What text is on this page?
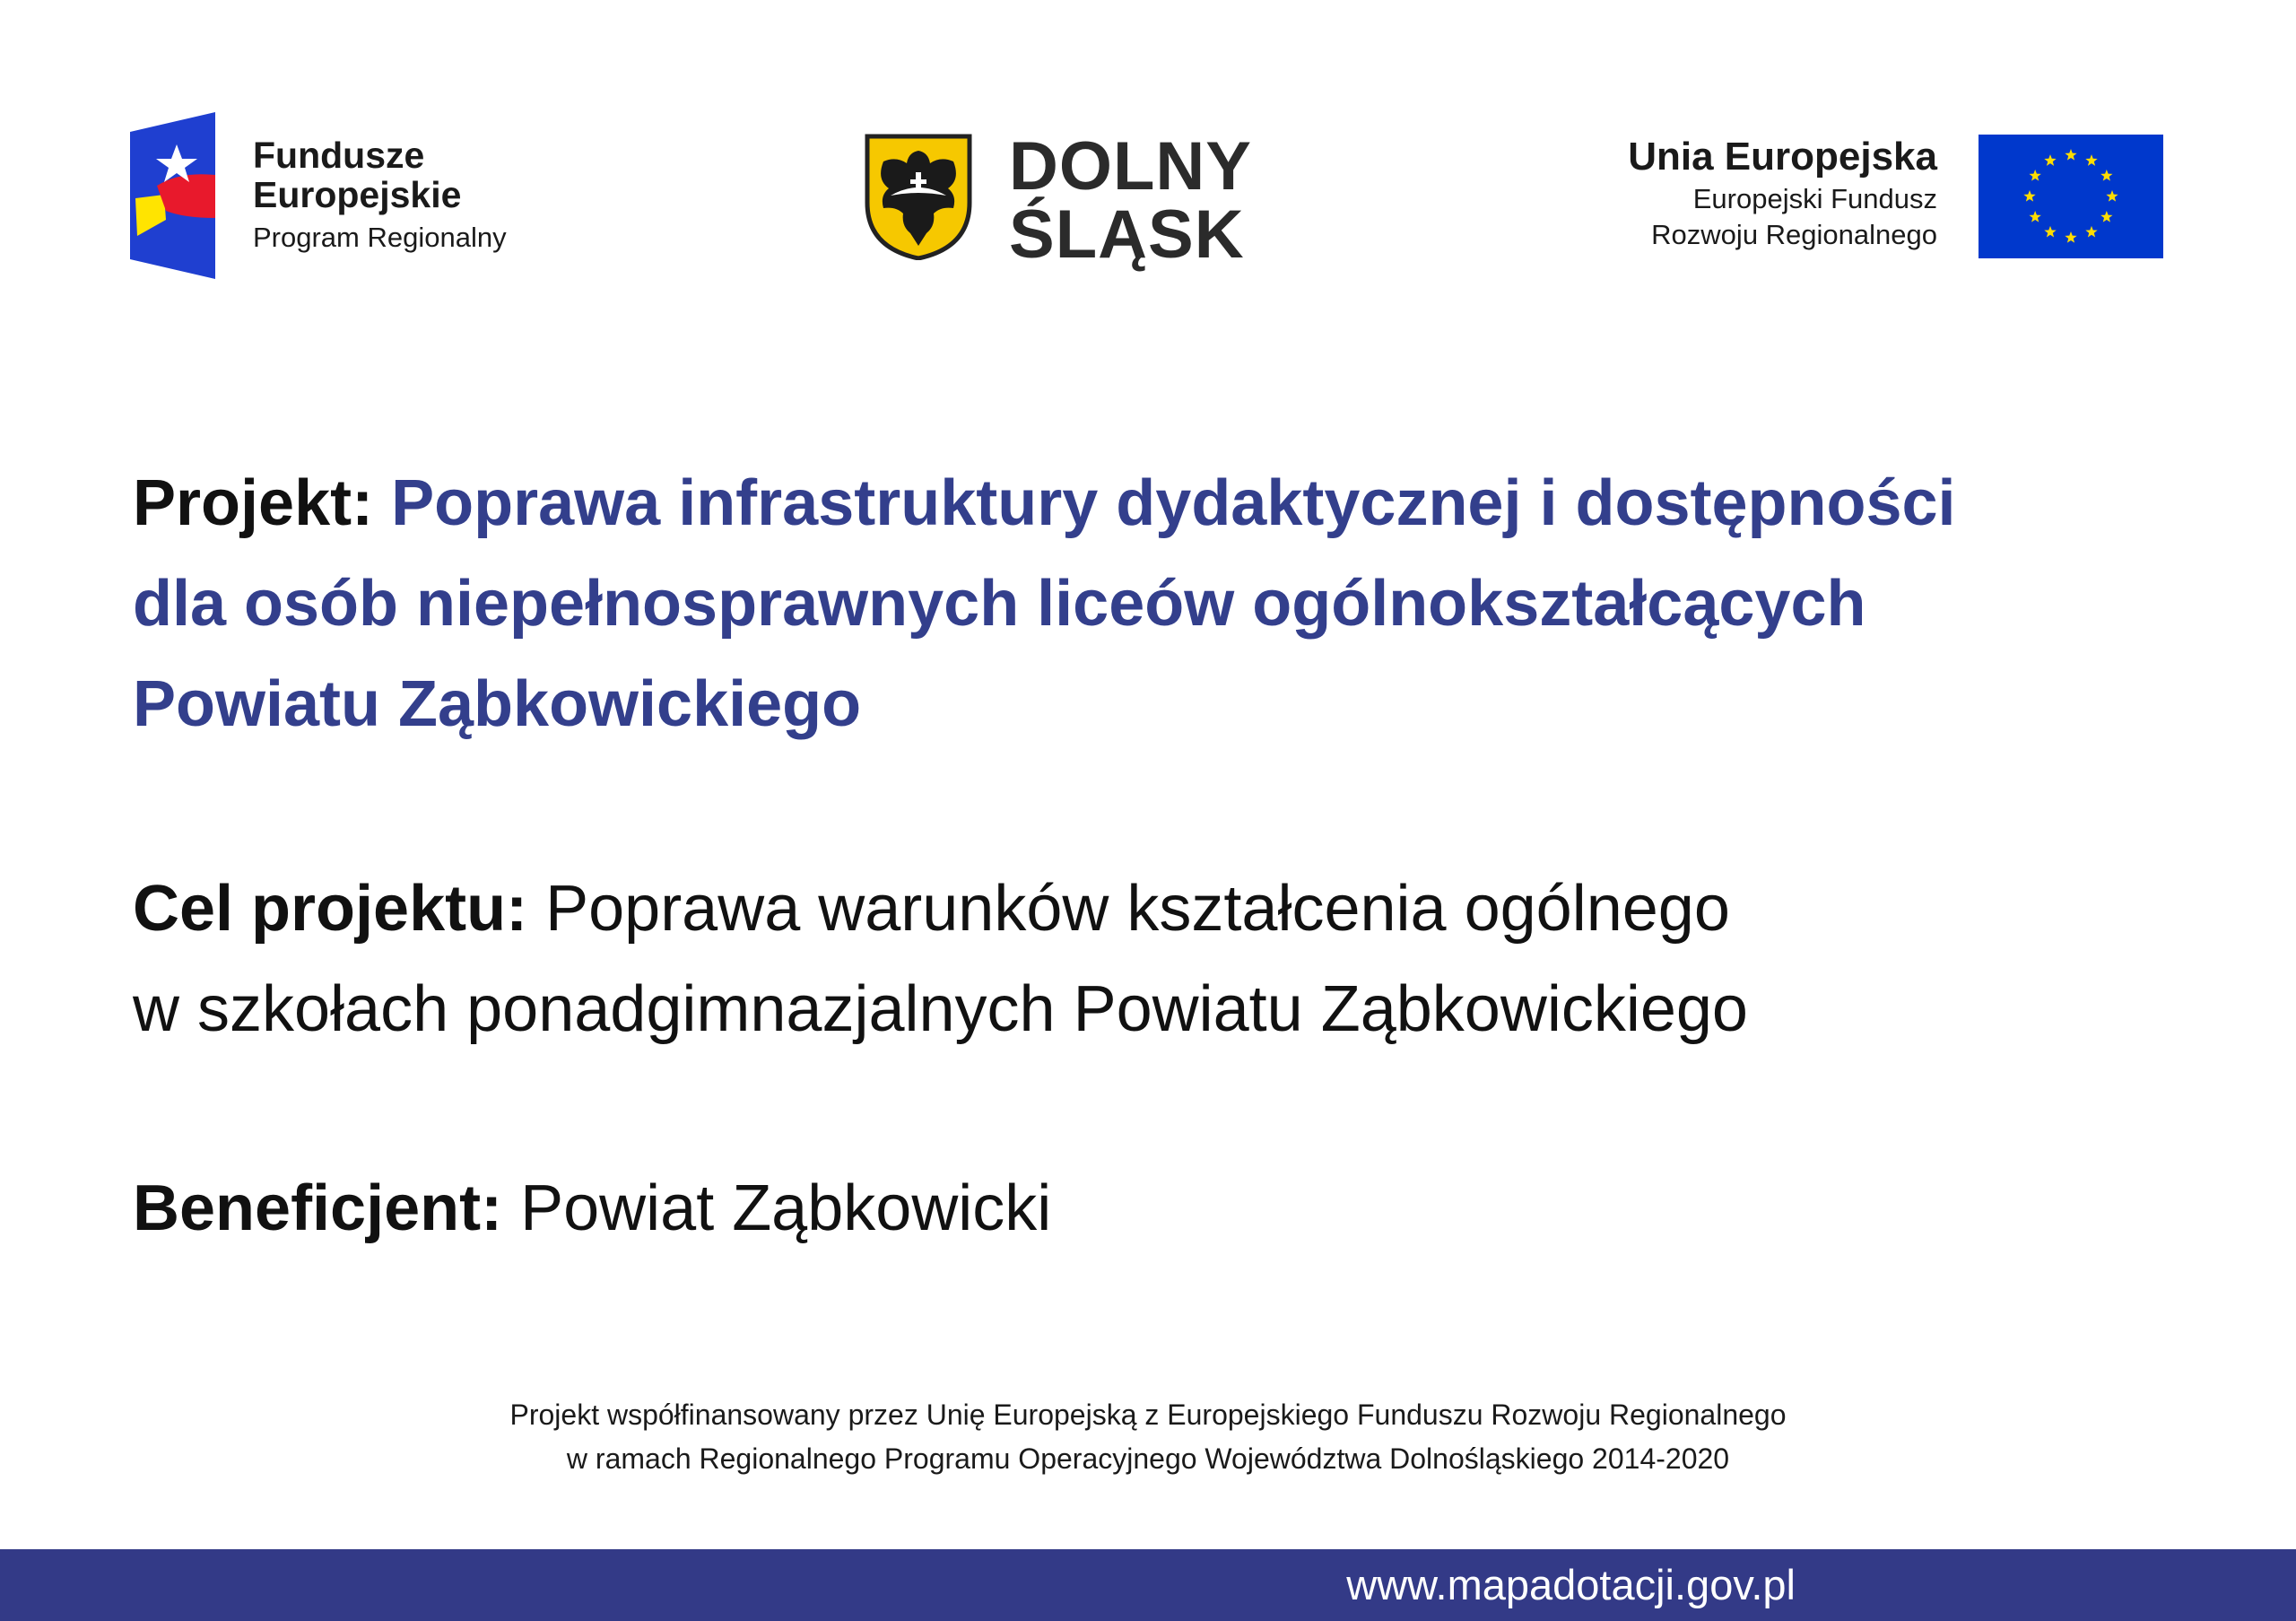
Fundusze
Europejskie
Program Regionalny
DOLNY
ŚLĄSK
Unia Europejska
Europejski Fundusz
Rozwoju Regionalnego

Projekt: Poprawa infrastruktury dydaktycznej i dostępności
dla osób niepełnosprawnych liceów ogólnokształcących
Powiatu Ząbkowickiego

Cel projektu: Poprawa warunków kształcenia ogólnego
w szkołach ponadgimnazjalnych Powiatu Ząbkowickiego

Beneficjent: Powiat Ząbkowicki

Projekt współfinansowany przez Unię Europejską z Europejskiego Funduszu Rozwoju Regionalnego
w ramach Regionalnego Programu Operacyjnego Województwa Dolnośląskiego 2014-2020
www.mapadotacji.gov.pl
